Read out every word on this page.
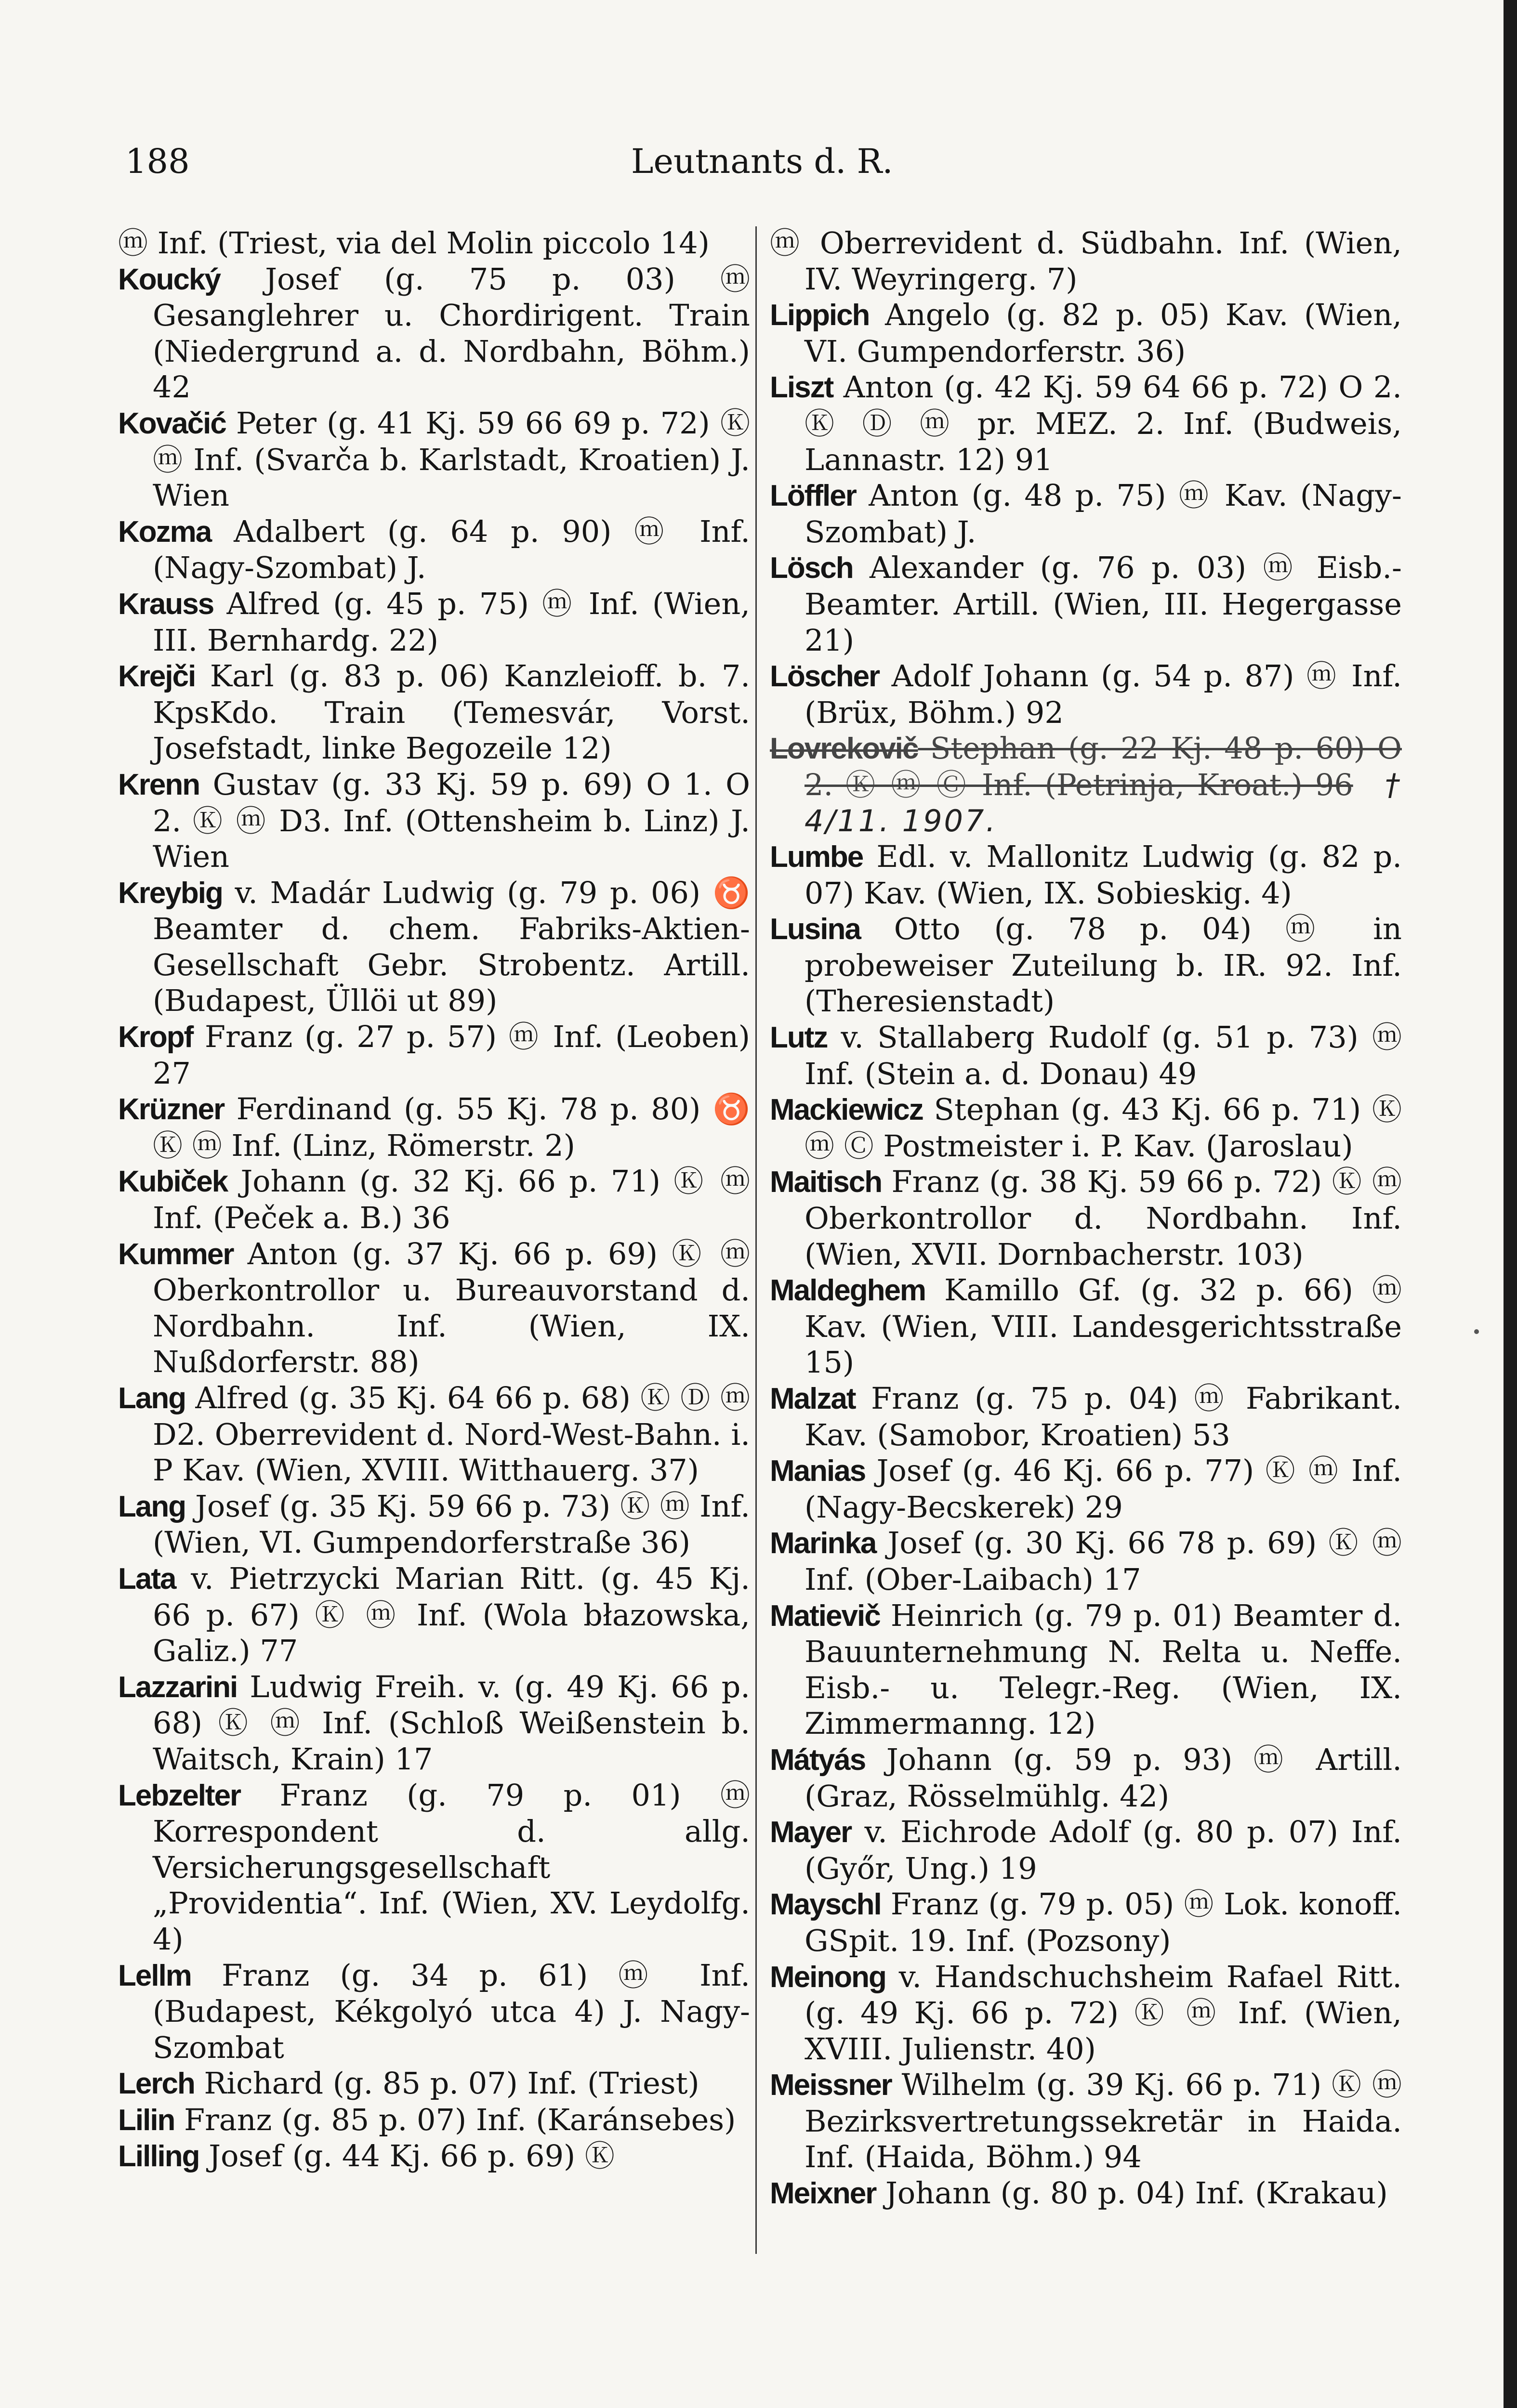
188	Leutnants d. R.

ⓜ Inf. (Triest, via del Molin piccolo 14)

Koucký Josef (g. 75 p. 03) ⓜ Gesanglehrer u. Chordirigent. Train (Niedergrund a. d. Nordbahn, Böhm.) 42

Kovačić Peter (g. 41 Kj. 59 66 69 p. 72) Ⓚ ⓜ Inf. (Svarča b. Karlstadt, Kroatien) J. Wien

Kozma Adalbert (g. 64 p. 90) ⓜ Inf. (Nagy-Szombat) J.

Krauss Alfred (g. 45 p. 75) ⓜ Inf. (Wien, III. Bernhardg. 22)

Krejči Karl (g. 83 p. 06) Kanzleioff. b. 7. KpsKdo. Train (Temesvár, Vorst. Josefstadt, linke Begozeile 12)

Krenn Gustav (g. 33 Kj. 59 p. 69) O 1. O 2. Ⓚ ⓜ D3. Inf. (Ottensheim b. Linz) J. Wien

Kreybig v. Madár Ludwig (g. 79 p. 06) ♉ Beamter d. chem. Fabriks-Aktien-Gesellschaft Gebr. Strobentz. Artill. (Budapest, Üllöi ut 89)

Kropf Franz (g. 27 p. 57) ⓜ Inf. (Leoben) 27

Krüzner Ferdinand (g. 55 Kj. 78 p. 80) ♉ Ⓚ ⓜ Inf. (Linz, Römerstr. 2)

Kubiček Johann (g. 32 Kj. 66 p. 71) Ⓚ ⓜ Inf. (Peček a. B.) 36

Kummer Anton (g. 37 Kj. 66 p. 69) Ⓚ ⓜ Oberkontrollor u. Bureauvorstand d. Nordbahn. Inf. (Wien, IX. Nußdorferstr. 88)

Lang Alfred (g. 35 Kj. 64 66 p. 68) Ⓚ Ⓓ ⓜ D2. Oberrevident d. Nord-West-Bahn. i. P Kav. (Wien, XVIII. Witthauerg. 37)

Lang Josef (g. 35 Kj. 59 66 p. 73) Ⓚ ⓜ Inf. (Wien, VI. Gumpendorferstraße 36)

Lata v. Pietrzycki Marian Ritt. (g. 45 Kj. 66 p. 67) Ⓚ ⓜ Inf. (Wola błazowska, Galiz.) 77

Lazzarini Ludwig Freih. v. (g. 49 Kj. 66 p. 68) Ⓚ ⓜ Inf. (Schloß Weißenstein b. Waitsch, Krain) 17

Lebzelter Franz (g. 79 p. 01) ⓜ Korrespondent d. allg. Versicherungsgesellschaft „Providentia“. Inf. (Wien, XV. Leydolfg. 4)

Lellm Franz (g. 34 p. 61) ⓜ Inf. (Budapest, Kékgolyó utca 4) J. Nagy-Szombat

Lerch Richard (g. 85 p. 07) Inf. (Triest)

Lilin Franz (g. 85 p. 07) Inf. (Karánsebes)

Lilling Josef (g. 44 Kj. 66 p. 69) Ⓚ

ⓜ Oberrevident d. Südbahn. Inf. (Wien, IV. Weyringerg. 7)

Lippich Angelo (g. 82 p. 05) Kav. (Wien, VI. Gumpendorferstr. 36)

Liszt Anton (g. 42 Kj. 59 64 66 p. 72) O 2. Ⓚ Ⓓ ⓜ pr. MEZ. 2. Inf. (Budweis, Lannastr. 12) 91

Löffler Anton (g. 48 p. 75) ⓜ Kav. (Nagy-Szombat) J.

Lösch Alexander (g. 76 p. 03) ⓜ Eisb.-Beamter. Artill. (Wien, III. Hegergasse 21)

Löscher Adolf Johann (g. 54 p. 87) ⓜ Inf. (Brüx, Böhm.) 92

Lovrekovič Stephan (g. 22 Kj. 48 p. 60) O 2. Ⓚ ⓜ Ⓒ Inf. (Petrinja, Kroat.) 96 † 4/11. 1907.

Lumbe Edl. v. Mallonitz Ludwig (g. 82 p. 07) Kav. (Wien, IX. Sobieskig. 4)

Lusina Otto (g. 78 p. 04) ⓜ in probeweiser Zuteilung b. IR. 92. Inf. (Theresienstadt)

Lutz v. Stallaberg Rudolf (g. 51 p. 73) ⓜ Inf. (Stein a. d. Donau) 49

Mackiewicz Stephan (g. 43 Kj. 66 p. 71) Ⓚ ⓜ Ⓒ Postmeister i. P. Kav. (Jaroslau)

Maitisch Franz (g. 38 Kj. 59 66 p. 72) Ⓚ ⓜ Oberkontrollor d. Nordbahn. Inf. (Wien, XVII. Dornbacherstr. 103)

Maldeghem Kamillo Gf. (g. 32 p. 66) ⓜ Kav. (Wien, VIII. Landesgerichtsstraße 15)

Malzat Franz (g. 75 p. 04) ⓜ Fabrikant. Kav. (Samobor, Kroatien) 53

Manias Josef (g. 46 Kj. 66 p. 77) Ⓚ ⓜ Inf. (Nagy-Becskerek) 29

Marinka Josef (g. 30 Kj. 66 78 p. 69) Ⓚ ⓜ Inf. (Ober-Laibach) 17

Matievič Heinrich (g. 79 p. 01) Beamter d. Bauunternehmung N. Relta u. Neffe. Eisb.- u. Telegr.-Reg. (Wien, IX. Zimmermanng. 12)

Mátyás Johann (g. 59 p. 93) ⓜ Artill. (Graz, Rösselmühlg. 42)

Mayer v. Eichrode Adolf (g. 80 p. 07) Inf. (Győr, Ung.) 19

Mayschl Franz (g. 79 p. 05) ⓜ Lok. konoff. GSpit. 19. Inf. (Pozsony)

Meinong v. Handschuchsheim Rafael Ritt. (g. 49 Kj. 66 p. 72) Ⓚ ⓜ Inf. (Wien, XVIII. Julienstr. 40)

Meissner Wilhelm (g. 39 Kj. 66 p. 71) Ⓚ ⓜ Bezirksvertretungssekretär in Haida. Inf. (Haida, Böhm.) 94

Meixner Johann (g. 80 p. 04) Inf. (Krakau)
